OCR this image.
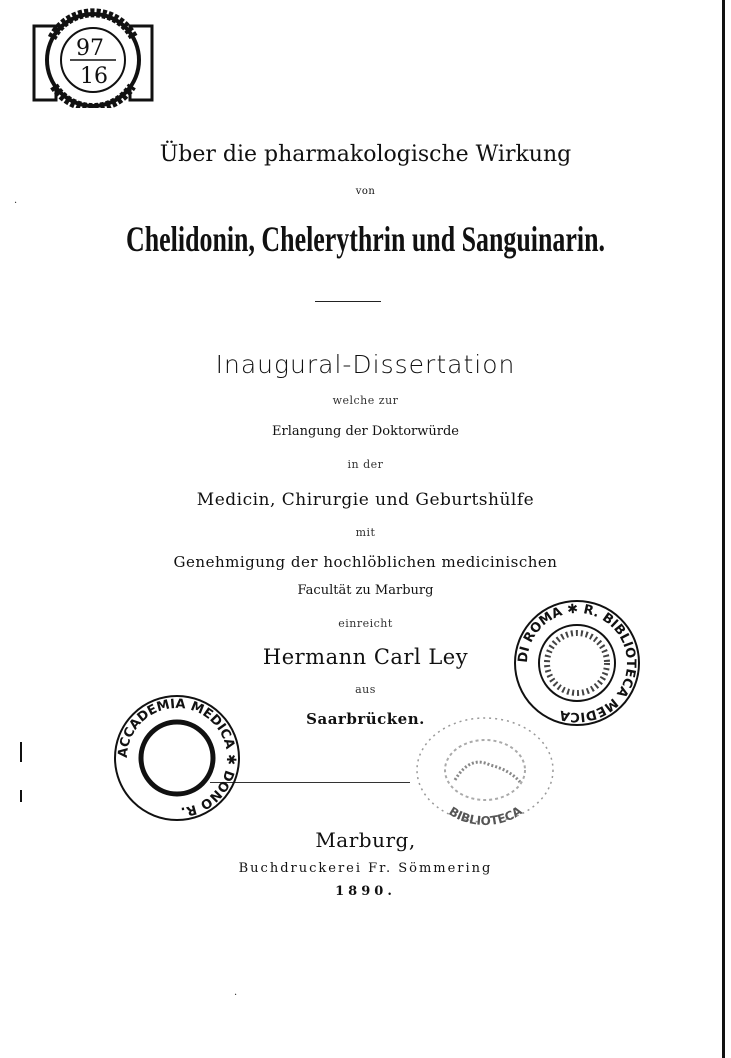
97
16
Über die pharmakologische Wirkung
von
Chelidonin, Chelerythrin und Sanguinarin.
Inaugural-Dissertation
welche zur
Erlangung der Doktorwürde
in der
Medicin, Chirurgie und Geburtshülfe
mit
Genehmigung der hochlöblichen medicinischen
Facultät zu Marburg
einreicht
Hermann Carl Ley
aus
Saarbrücken.
Marburg,
Buchdruckerei Fr. Sömmering
1890.
DI ROMA ✱ R. BIBLIOTECA MEDICA
ACCADEMIA MEDICA ✱ DONO R.	BIBLIOTECA
·
·
